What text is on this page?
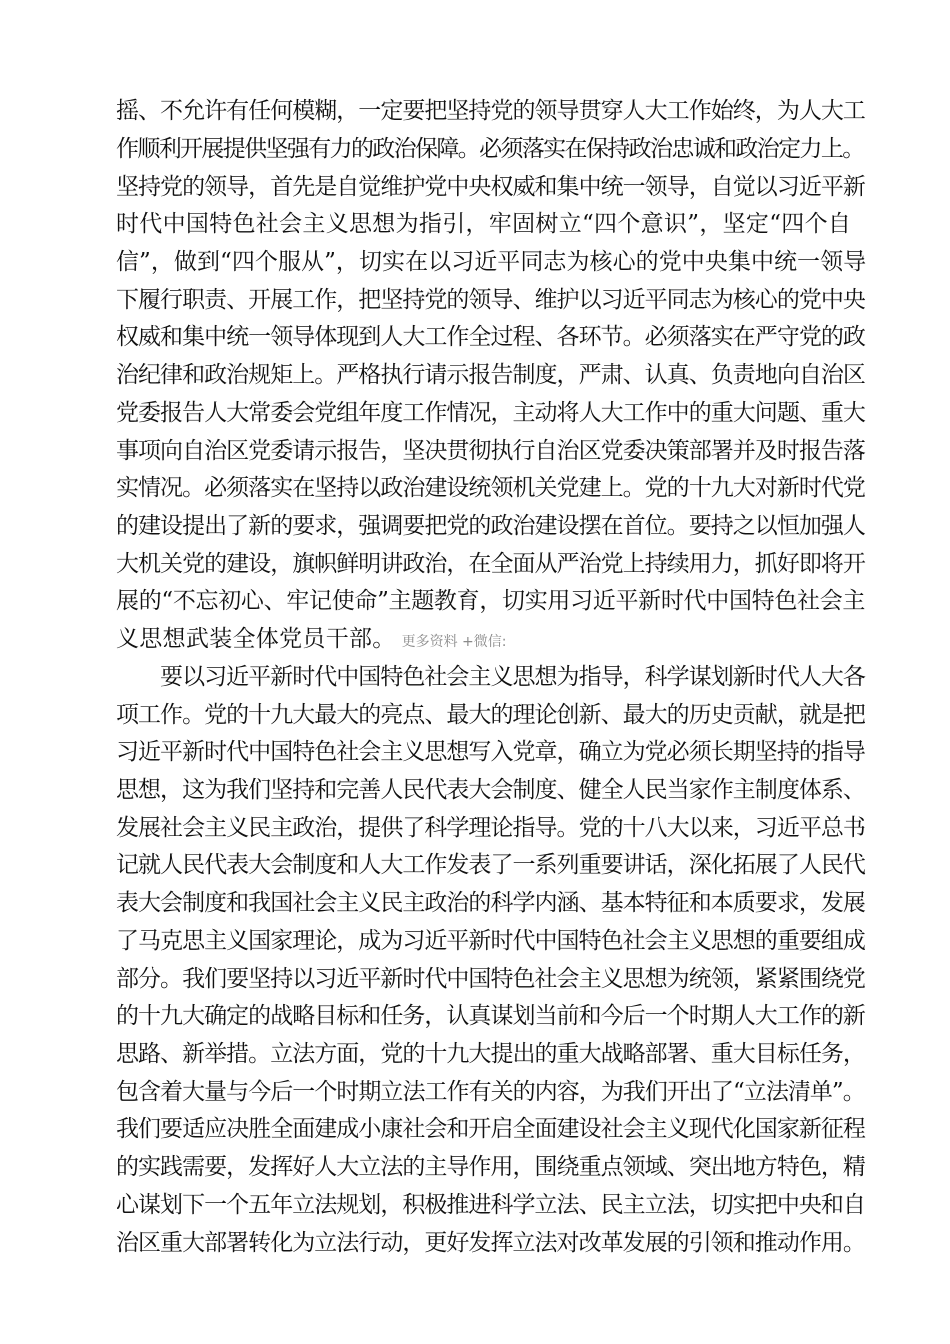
摇、不允许有任何模糊，一定要把坚持党的领导贯穿人大工作始终，为人大工
作顺利开展提供坚强有力的政治保障。必须落实在保持政治忠诚和政治定力上。
坚持党的领导，首先是自觉维护党中央权威和集中统一领导，自觉以习近平新
时代中国特色社会主义思想为指引，牢固树立“四个意识”，坚定“四个自
信”，做到“四个服从”，切实在以习近平同志为核心的党中央集中统一领导
下履行职责、开展工作，把坚持党的领导、维护以习近平同志为核心的党中央
权威和集中统一领导体现到人大工作全过程、各环节。必须落实在严守党的政
治纪律和政治规矩上。严格执行请示报告制度，严肃、认真、负责地向自治区
党委报告人大常委会党组年度工作情况，主动将人大工作中的重大问题、重大
事项向自治区党委请示报告，坚决贯彻执行自治区党委决策部署并及时报告落
实情况。必须落实在坚持以政治建设统领机关党建上。党的十九大对新时代党
的建设提出了新的要求，强调要把党的政治建设摆在首位。要持之以恒加强人
大机关党的建设，旗帜鲜明讲政治，在全面从严治党上持续用力，抓好即将开
展的“不忘初心、牢记使命”主题教育，切实用习近平新时代中国特色社会主
义思想武装全体党员干部。 更多资料 +微信:
　　要以习近平新时代中国特色社会主义思想为指导，科学谋划新时代人大各
项工作。党的十九大最大的亮点、最大的理论创新、最大的历史贡献，就是把
习近平新时代中国特色社会主义思想写入党章，确立为党必须长期坚持的指导
思想，这为我们坚持和完善人民代表大会制度、健全人民当家作主制度体系、
发展社会主义民主政治，提供了科学理论指导。党的十八大以来，习近平总书
记就人民代表大会制度和人大工作发表了一系列重要讲话，深化拓展了人民代
表大会制度和我国社会主义民主政治的科学内涵、基本特征和本质要求，发展
了马克思主义国家理论，成为习近平新时代中国特色社会主义思想的重要组成
部分。我们要坚持以习近平新时代中国特色社会主义思想为统领，紧紧围绕党
的十九大确定的战略目标和任务，认真谋划当前和今后一个时期人大工作的新
思路、新举措。立法方面，党的十九大提出的重大战略部署、重大目标任务，
包含着大量与今后一个时期立法工作有关的内容，为我们开出了“立法清单”。
我们要适应决胜全面建成小康社会和开启全面建设社会主义现代化国家新征程
的实践需要，发挥好人大立法的主导作用，围绕重点领域、突出地方特色，精
心谋划下一个五年立法规划，积极推进科学立法、民主立法，切实把中央和自
治区重大部署转化为立法行动，更好发挥立法对改革发展的引领和推动作用。
